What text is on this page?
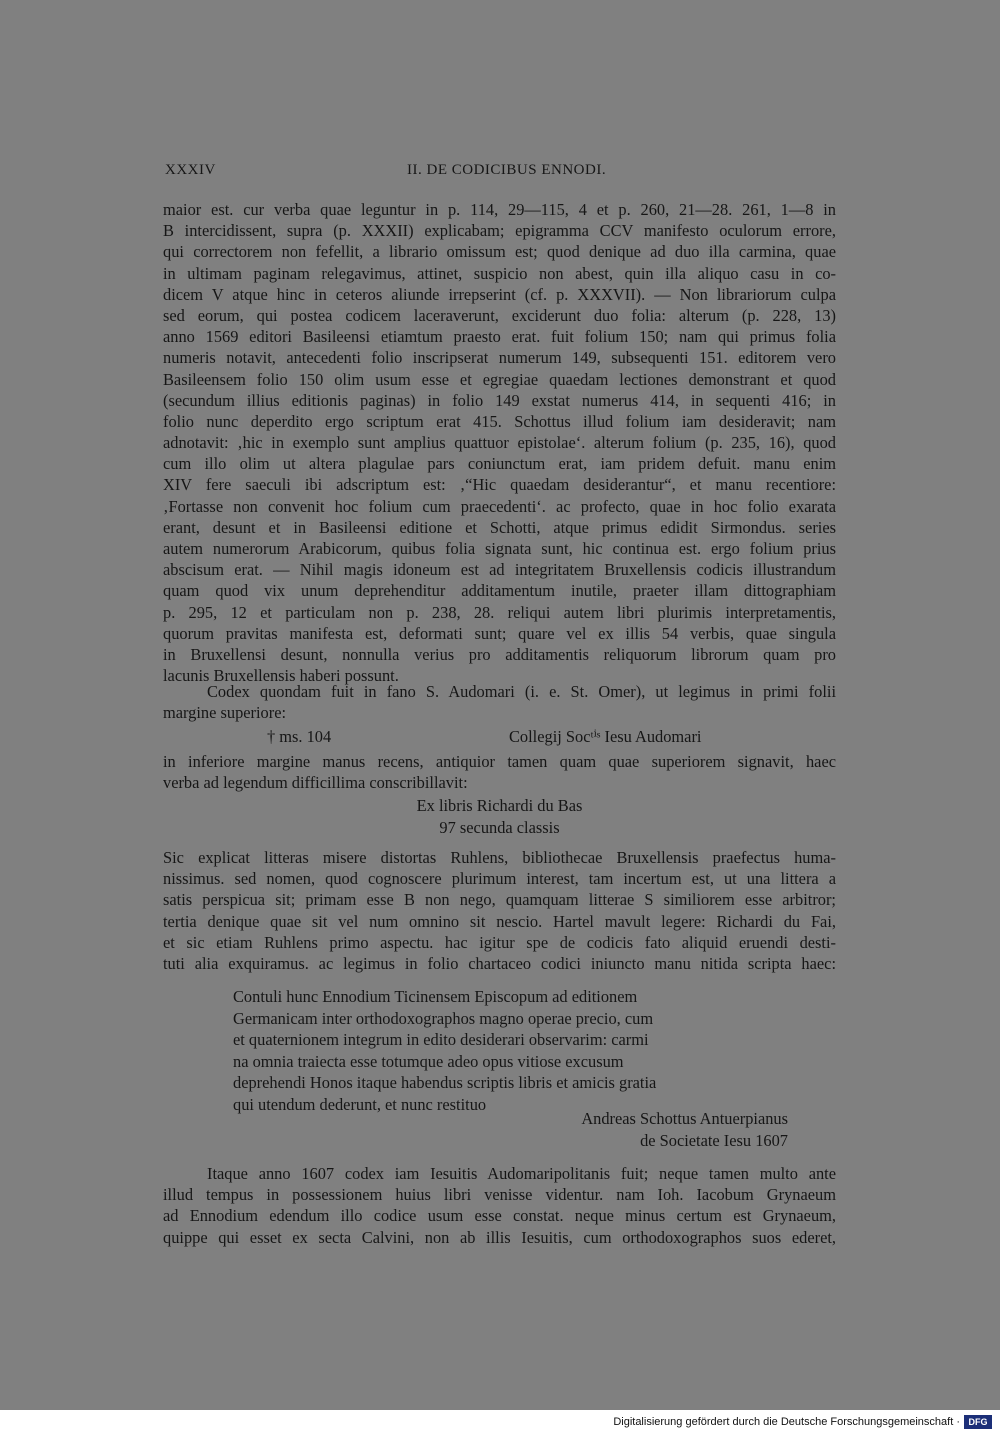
XXXIV	II. DE CODICIBUS ENNODI.
maior est. cur verba quae leguntur in p. 114, 29—115, 4 et p. 260, 21—28. 261, 1—8 in
B intercidissent, supra (p. XXXII) explicabam; epigramma CCV manifesto oculorum errore,
qui correctorem non fefellit, a librario omissum est; quod denique ad duo illa carmina, quae
in ultimam paginam relegavimus, attinet, suspicio non abest, quin illa aliquo casu in co-
dicem V atque hinc in ceteros aliunde irrepserint (cf. p. XXXVII). — Non librariorum culpa
sed eorum, qui postea codicem laceraverunt, exciderunt duo folia: alterum (p. 228, 13)
anno 1569 editori Basileensi etiamtum praesto erat. fuit folium 150; nam qui primus folia
numeris notavit, antecedenti folio inscripserat numerum 149, subsequenti 151. editorem vero
Basileensem folio 150 olim usum esse et egregiae quaedam lectiones demonstrant et quod
(secundum illius editionis paginas) in folio 149 exstat numerus 414, in sequenti 416; in
folio nunc deperdito ergo scriptum erat 415. Schottus illud folium iam desideravit; nam
adnotavit: ‚hic in exemplo sunt amplius quattuor epistolae‘. alterum folium (p. 235, 16), quod
cum illo olim ut altera plagulae pars coniunctum erat, iam pridem defuit. manu enim
XIV fere saeculi ibi adscriptum est: ‚“Hic quaedam desiderantur“, et manu recentiore:
‚Fortasse non convenit hoc folium cum praecedenti‘. ac profecto, quae in hoc folio exarata
erant, desunt et in Basileensi editione et Schotti, atque primus edidit Sirmondus. series
autem numerorum Arabicorum, quibus folia signata sunt, hic continua est. ergo folium prius
abscisum erat. — Nihil magis idoneum est ad integritatem Bruxellensis codicis illustrandum
quam quod vix unum deprehenditur additamentum inutile, praeter illam dittographiam
p. 295, 12 et particulam non p. 238, 28. reliqui autem libri plurimis interpretamentis,
quorum pravitas manifesta est, deformati sunt; quare vel ex illis 54 verbis, quae singula
in Bruxellensi desunt, nonnulla verius pro additamentis reliquorum librorum quam pro
lacunis Bruxellensis haberi possunt.
Codex quondam fuit in fano S. Audomari (i. e. St. Omer), ut legimus in primi folii
margine superiore:
† ms. 104	Collegij Socᵗⁱˢ Iesu Audomari
in inferiore margine manus recens, antiquior tamen quam quae superiorem signavit, haec
verba ad legendum difficillima conscribillavit:
Ex libris Richardi du Bas
97 secunda classis
Sic explicat litteras misere distortas Ruhlens, bibliothecae Bruxellensis praefectus huma-
nissimus. sed nomen, quod cognoscere plurimum interest, tam incertum est, ut una littera a
satis perspicua sit; primam esse B non nego, quamquam litterae S similiorem esse arbitror;
tertia denique quae sit vel num omnino sit nescio. Hartel mavult legere: Richardi du Fai,
et sic etiam Ruhlens primo aspectu. hac igitur spe de codicis fato aliquid eruendi desti-
tuti alia exquiramus. ac legimus in folio chartaceo codici iniuncto manu nitida scripta haec:
Contuli hunc Ennodium Ticinensem Episcopum ad editionem
Germanicam inter orthodoxographos magno operae precio, cum
et quaternionem integrum in edito desiderari observarim: carmi
na omnia traiecta esse totumque adeo opus vitiose excusum
deprehendi Honos itaque habendus scriptis libris et amicis gratia
qui utendum dederunt, et nunc restituo
Andreas Schottus Antuerpianus
de Societate Iesu 1607
Itaque anno 1607 codex iam Iesuitis Audomaripolitanis fuit; neque tamen multo ante
illud tempus in possessionem huius libri venisse videntur. nam Ioh. Iacobum Grynaeum
ad Ennodium edendum illo codice usum esse constat. neque minus certum est Grynaeum,
quippe qui esset ex secta Calvini, non ab illis Iesuitis, cum orthodoxographos suos ederet,
Digitalisierung gefördert durch die Deutsche Forschungsgemeinschaft · DFG
